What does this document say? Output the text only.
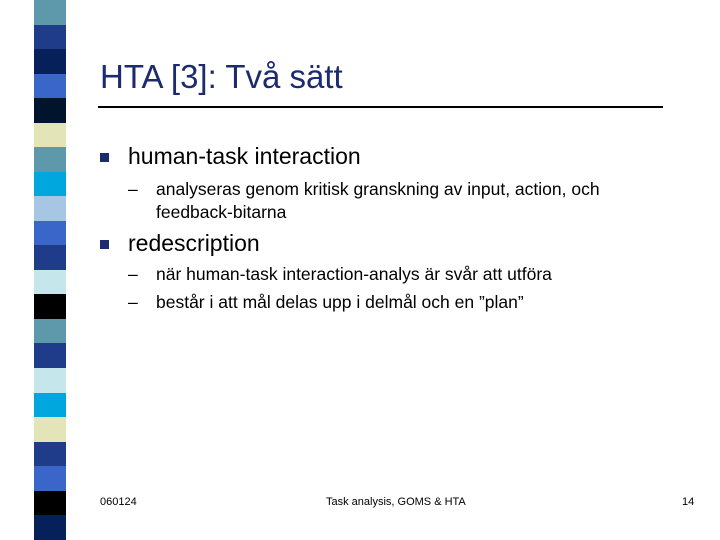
HTA [3]: Två sätt
human-task interaction
– analyseras genom kritisk granskning av input, action, och
feedback-bitarna
redescription
– när human-task interaction-analys är svår att utföra
– består i att mål delas upp i delmål och en ”plan”
060124	Task analysis, GOMS & HTA	14
